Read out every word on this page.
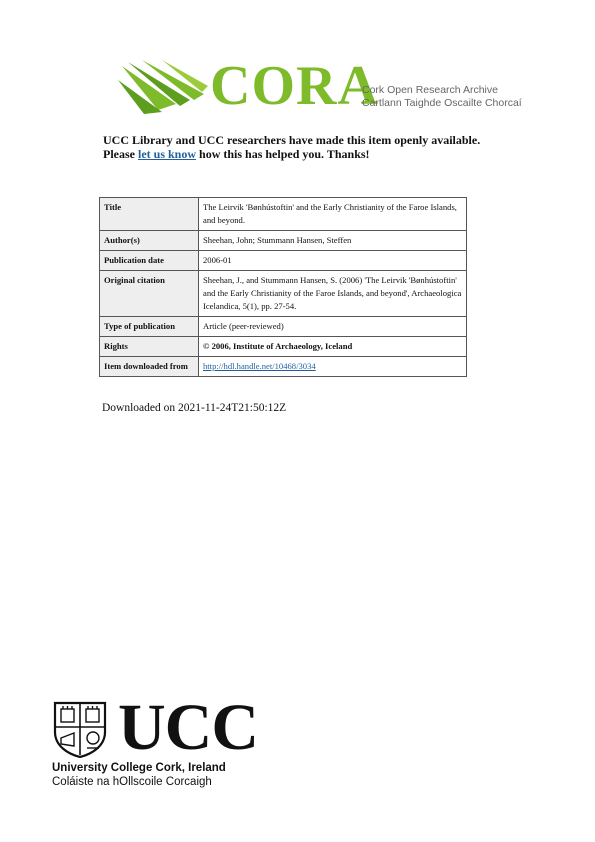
CORA
Cork Open Research Archive
Cartlann Taighde Oscailte Chorcaí
UCC Library and UCC researchers have made this item openly available.
Please let us know how this has helped you. Thanks!
Title	The Leirvik 'Bønhústoftin' and the Early Christianity of the Faroe Islands, and beyond.
Author(s)	Sheehan, John; Stummann Hansen, Steffen
Publication date	2006-01
Original citation	Sheehan, J., and Stummann Hansen, S. (2006) 'The Leirvik 'Bønhústoftin' and the Early Christianity of the Faroe Islands, and beyond', Archaeologica Icelandica, 5(1), pp. 27-54.
Type of publication	Article (peer-reviewed)
Rights	© 2006, Institute of Archaeology, Iceland
Item downloaded from	http://hdl.handle.net/10468/3034
Downloaded on 2021-11-24T21:50:12Z
UCC
University College Cork, Ireland
Coláiste na hOllscoile Corcaigh
